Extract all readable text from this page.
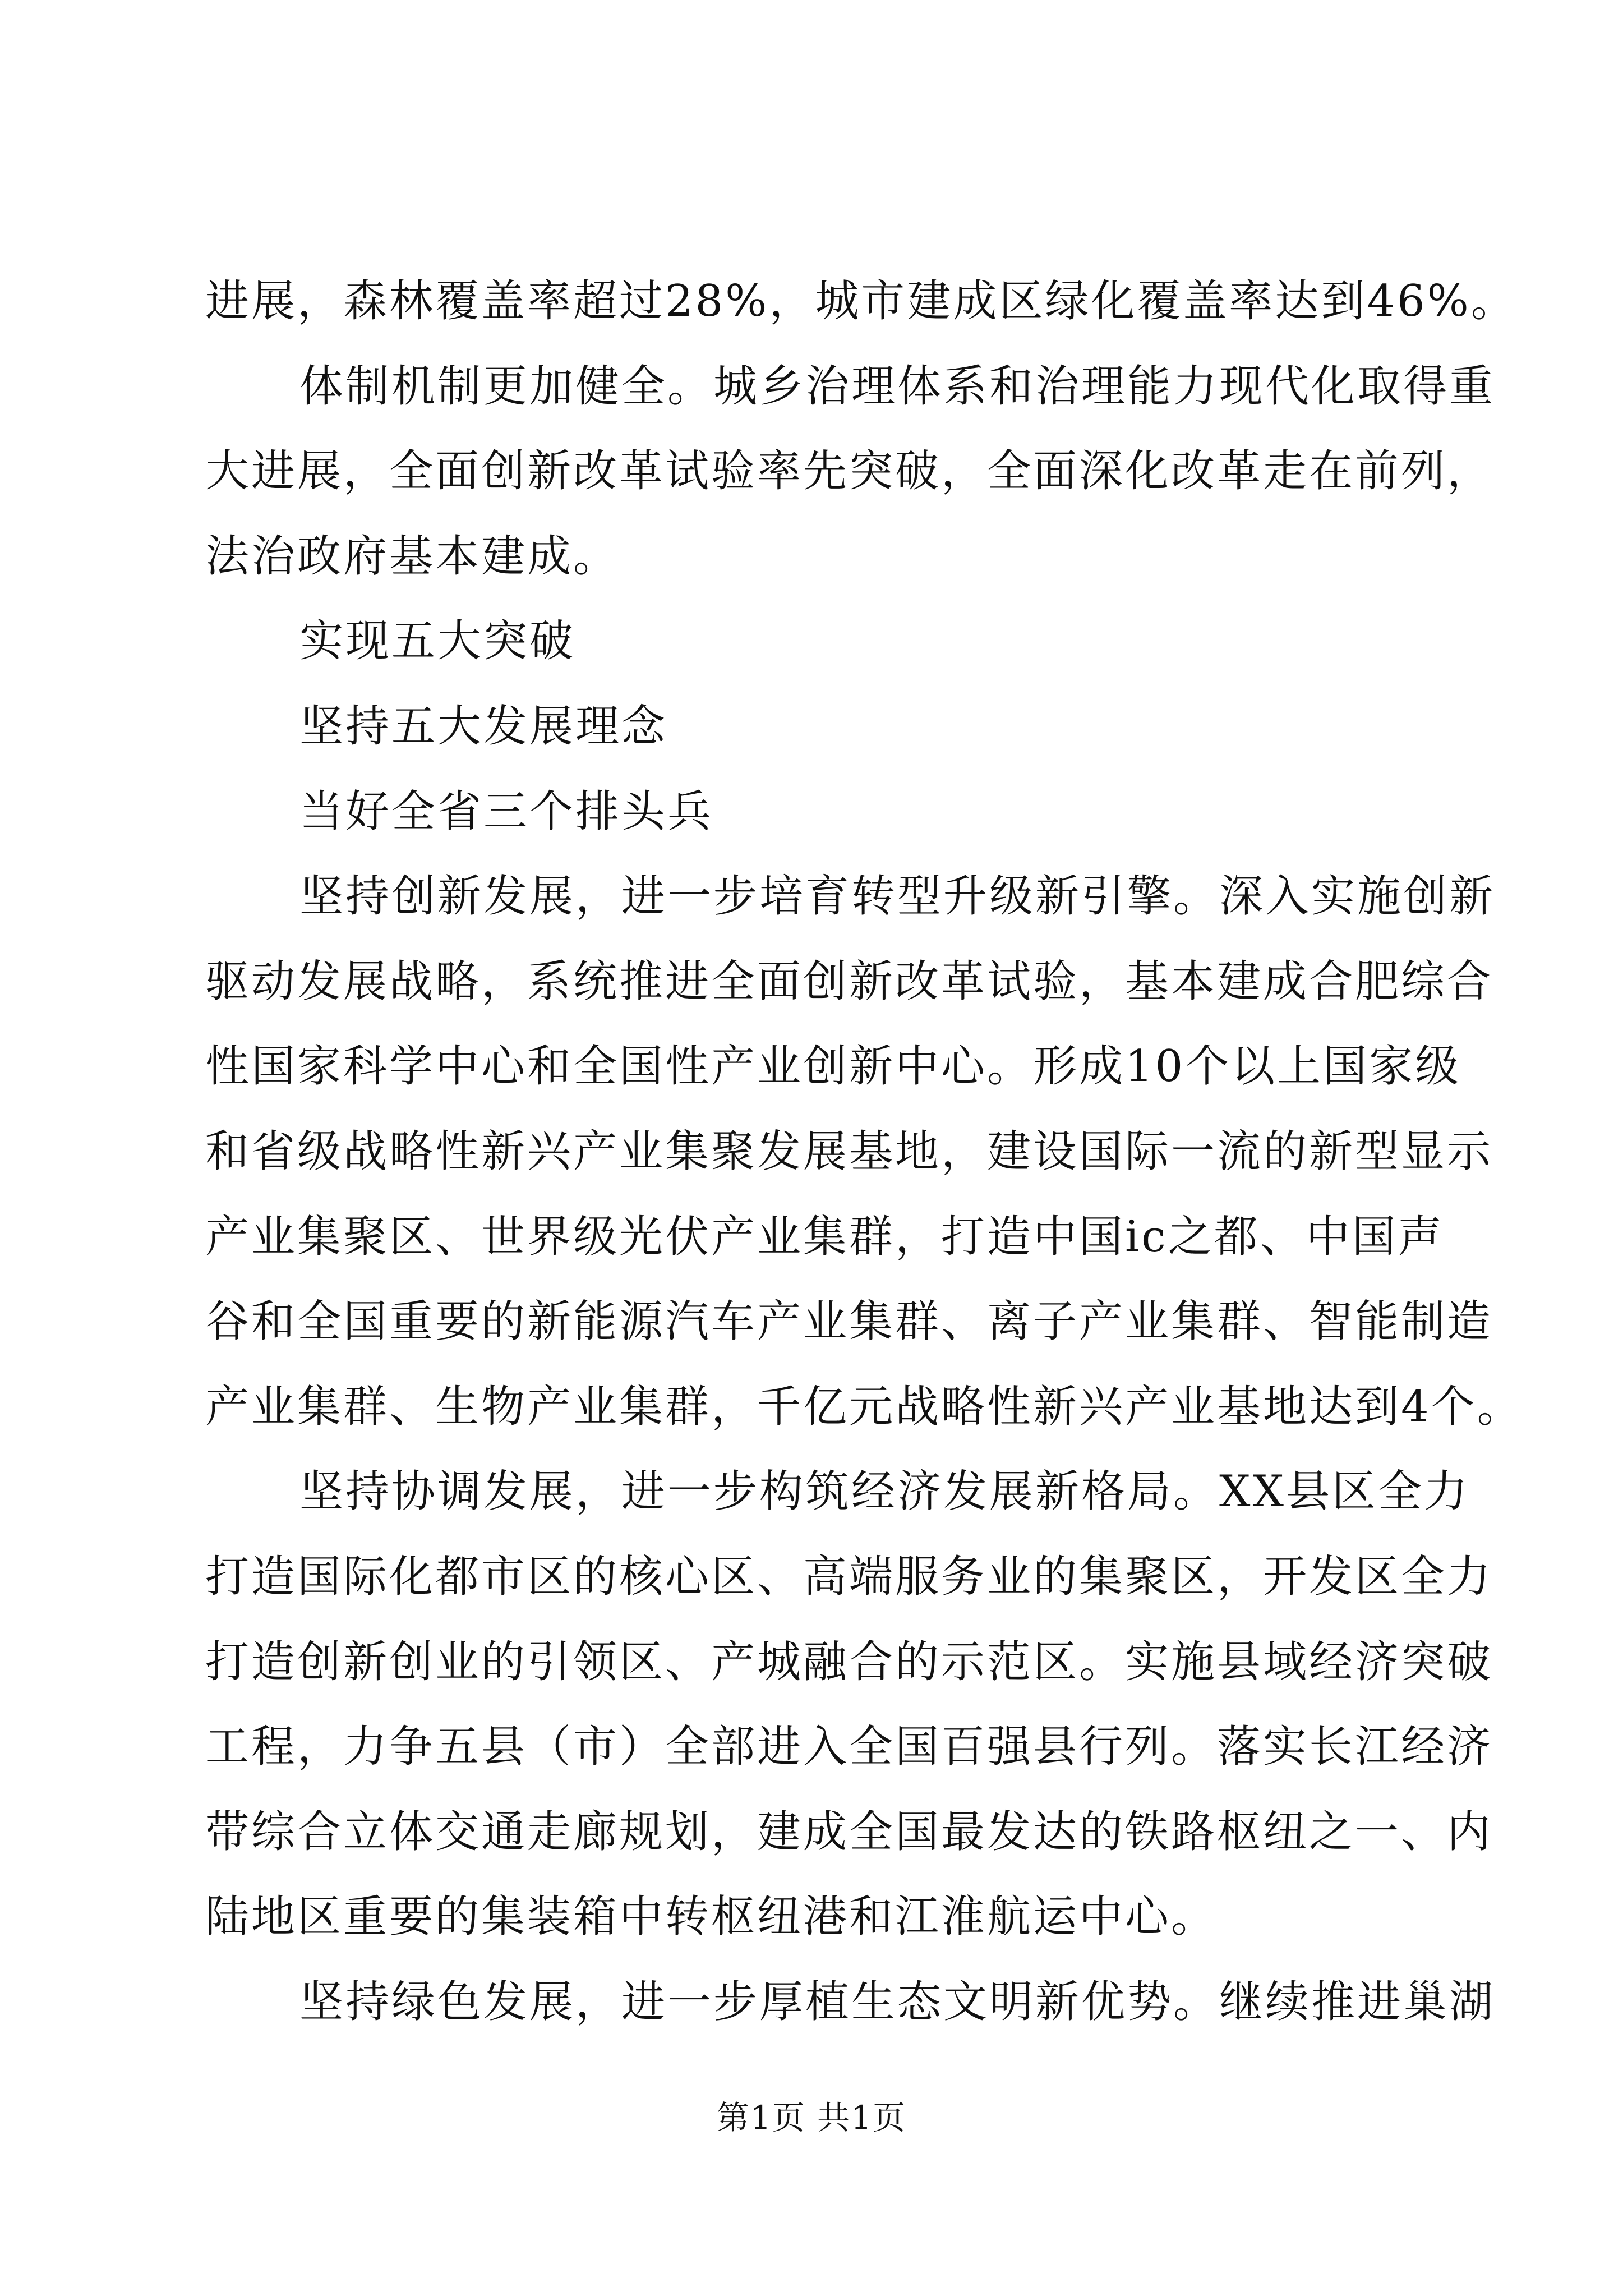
进展，森林覆盖率超过28%，城市建成区绿化覆盖率达到46%。
体制机制更加健全。城乡治理体系和治理能力现代化取得重
大进展，全面创新改革试验率先突破，全面深化改革走在前列，
法治政府基本建成。
实现五大突破
坚持五大发展理念
当好全省三个排头兵
坚持创新发展，进一步培育转型升级新引擎。深入实施创新
驱动发展战略，系统推进全面创新改革试验，基本建成合肥综合
性国家科学中心和全国性产业创新中心。形成10个以上国家级
和省级战略性新兴产业集聚发展基地，建设国际一流的新型显示
产业集聚区、世界级光伏产业集群，打造中国ic之都、中国声
谷和全国重要的新能源汽车产业集群、离子产业集群、智能制造
产业集群、生物产业集群，千亿元战略性新兴产业基地达到4个。
坚持协调发展，进一步构筑经济发展新格局。XX县区全力
打造国际化都市区的核心区、高端服务业的集聚区，开发区全力
打造创新创业的引领区、产城融合的示范区。实施县域经济突破
工程，力争五县（市）全部进入全国百强县行列。落实长江经济
带综合立体交通走廊规划，建成全国最发达的铁路枢纽之一、内
陆地区重要的集装箱中转枢纽港和江淮航运中心。
坚持绿色发展，进一步厚植生态文明新优势。继续推进巢湖
第1页 共1页
